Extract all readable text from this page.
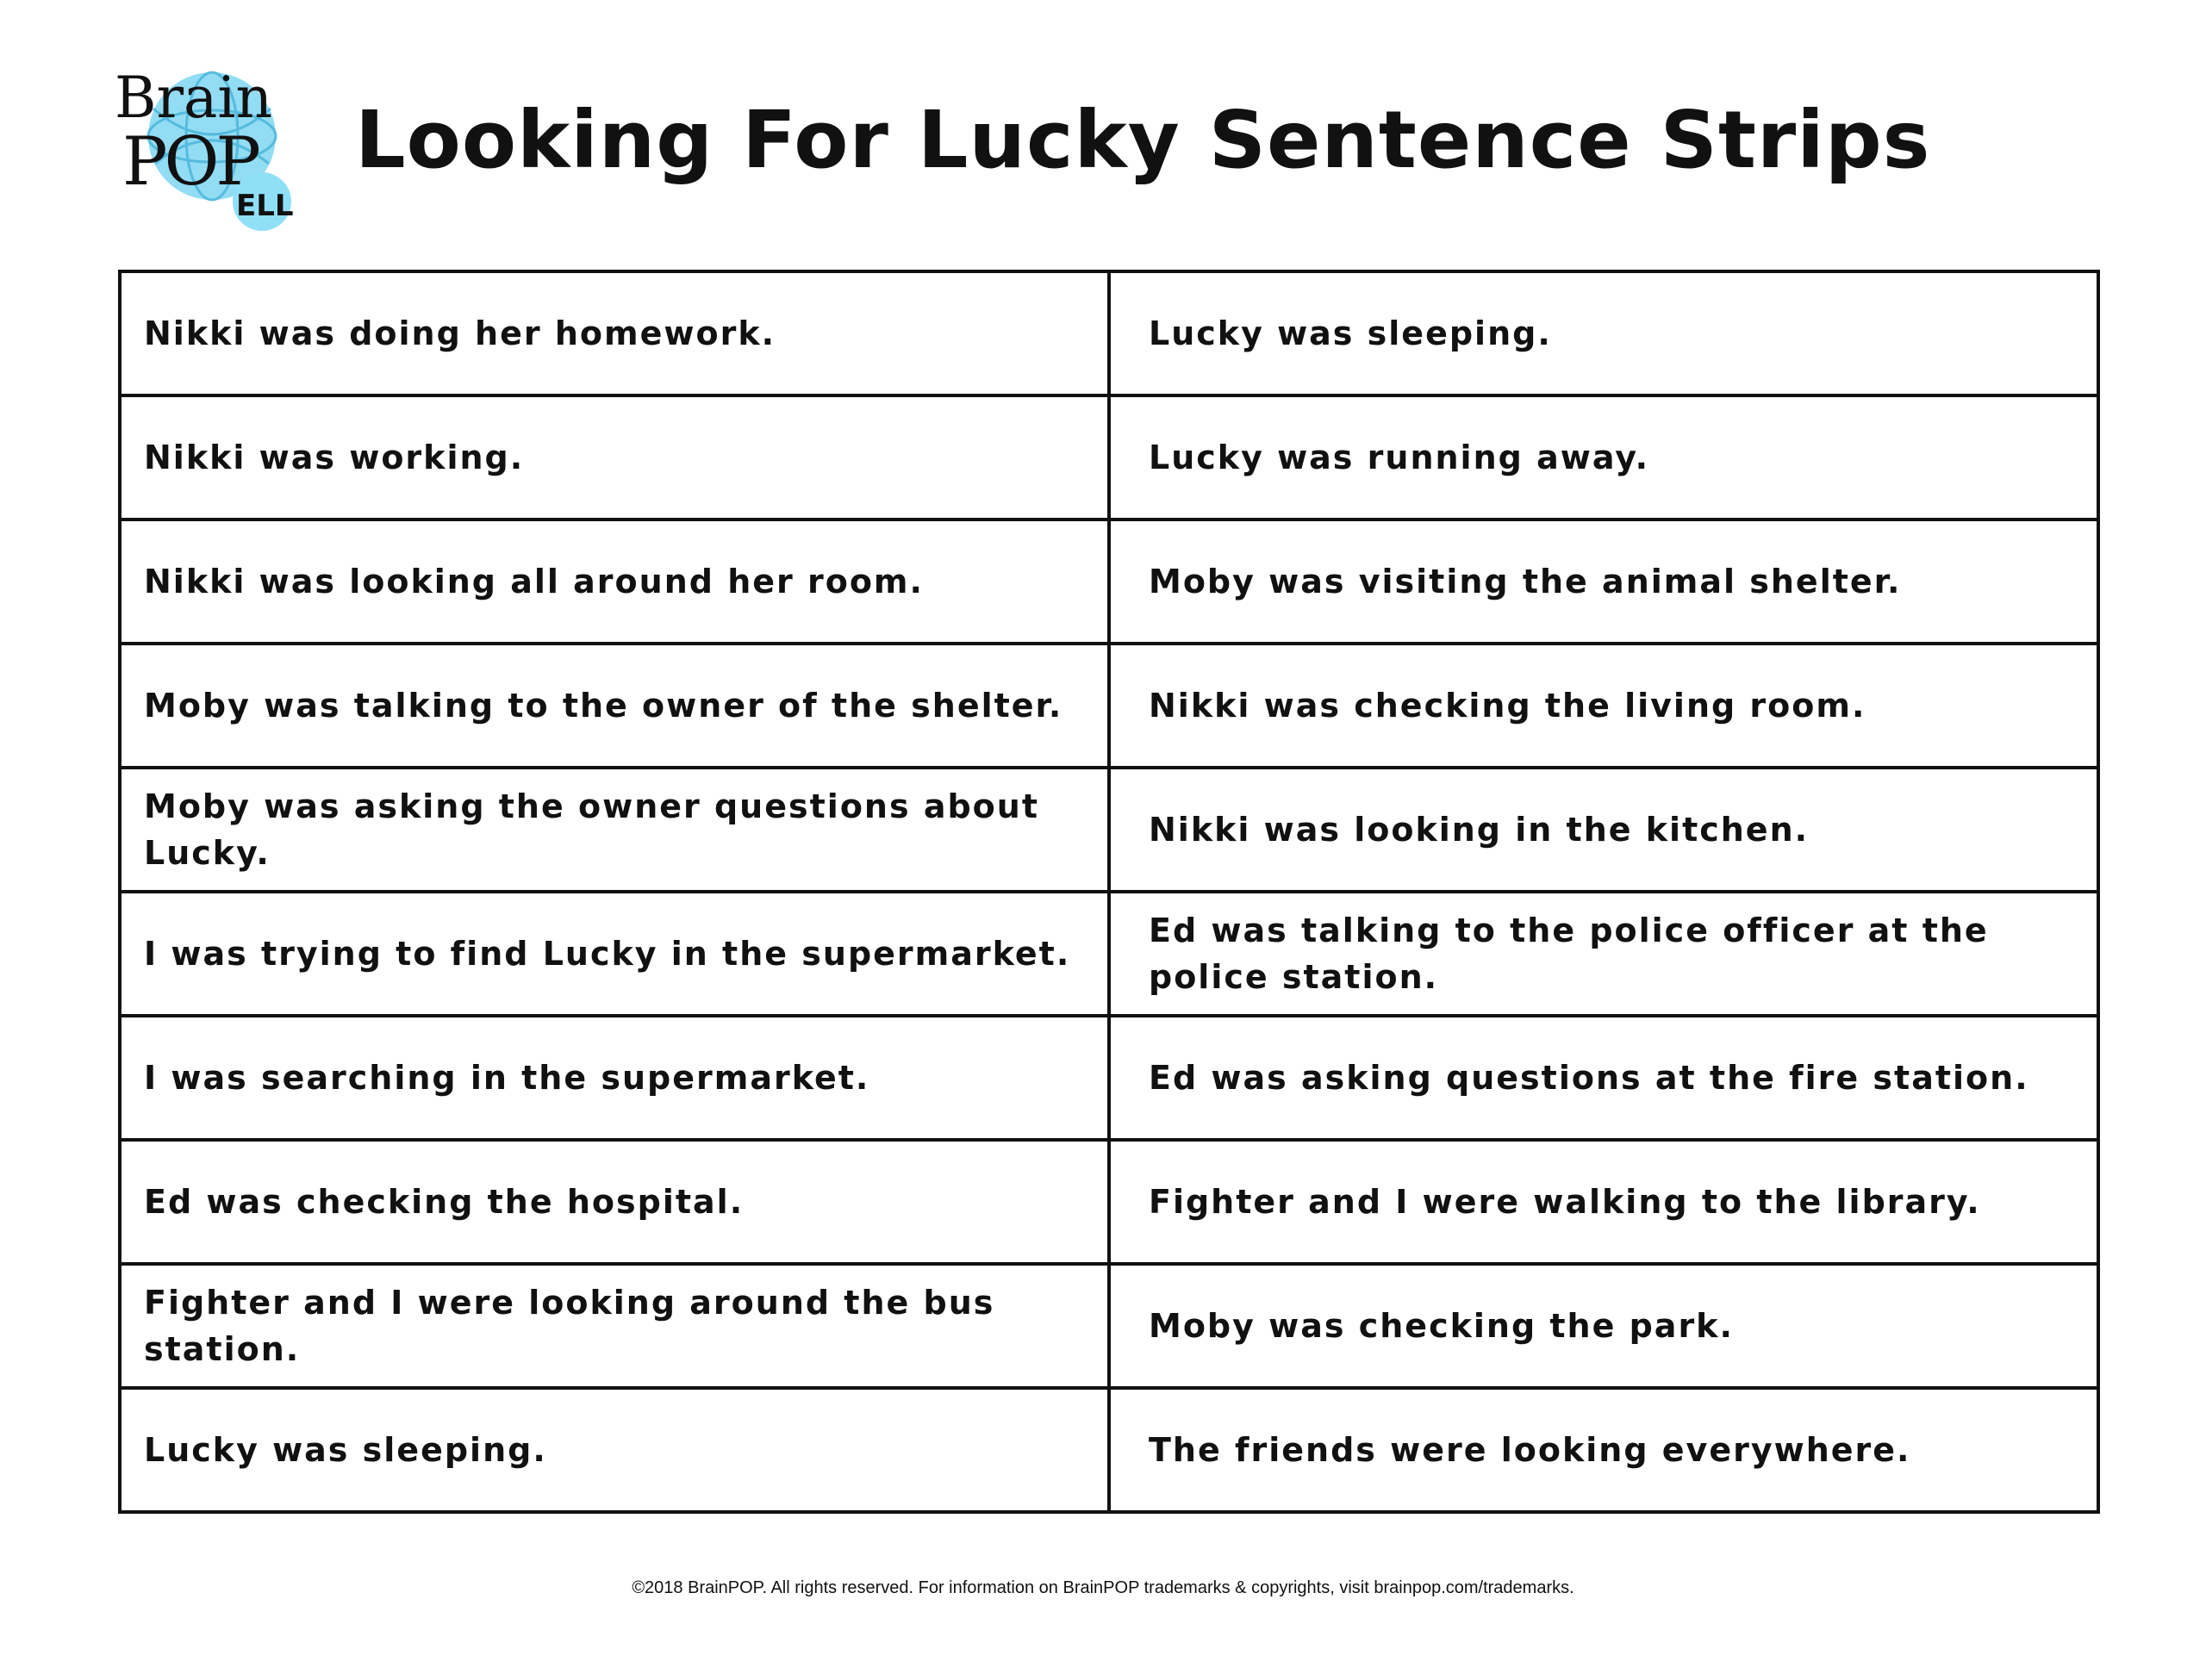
Brain
POP
ELL
Looking For Lucky Sentence Strips
Nikki was doing her homework.	Lucky was sleeping.
Nikki was working.	Lucky was running away.
Nikki was looking all around her room.	Moby was visiting the animal shelter.
Moby was talking to the owner of the shelter.	Nikki was checking the living room.
Moby was asking the owner questions about Lucky.	Nikki was looking in the kitchen.
I was trying to find Lucky in the supermarket.	Ed was talking to the police officer at the police station.
I was searching in the supermarket.	Ed was asking questions at the fire station.
Ed was checking the hospital.	Fighter and I were walking to the library.
Fighter and I were looking around the bus station.	Moby was checking the park.
Lucky was sleeping.	The friends were looking everywhere.

©2018 BrainPOP. All rights reserved. For information on BrainPOP trademarks & copyrights, visit brainpop.com/trademarks.
